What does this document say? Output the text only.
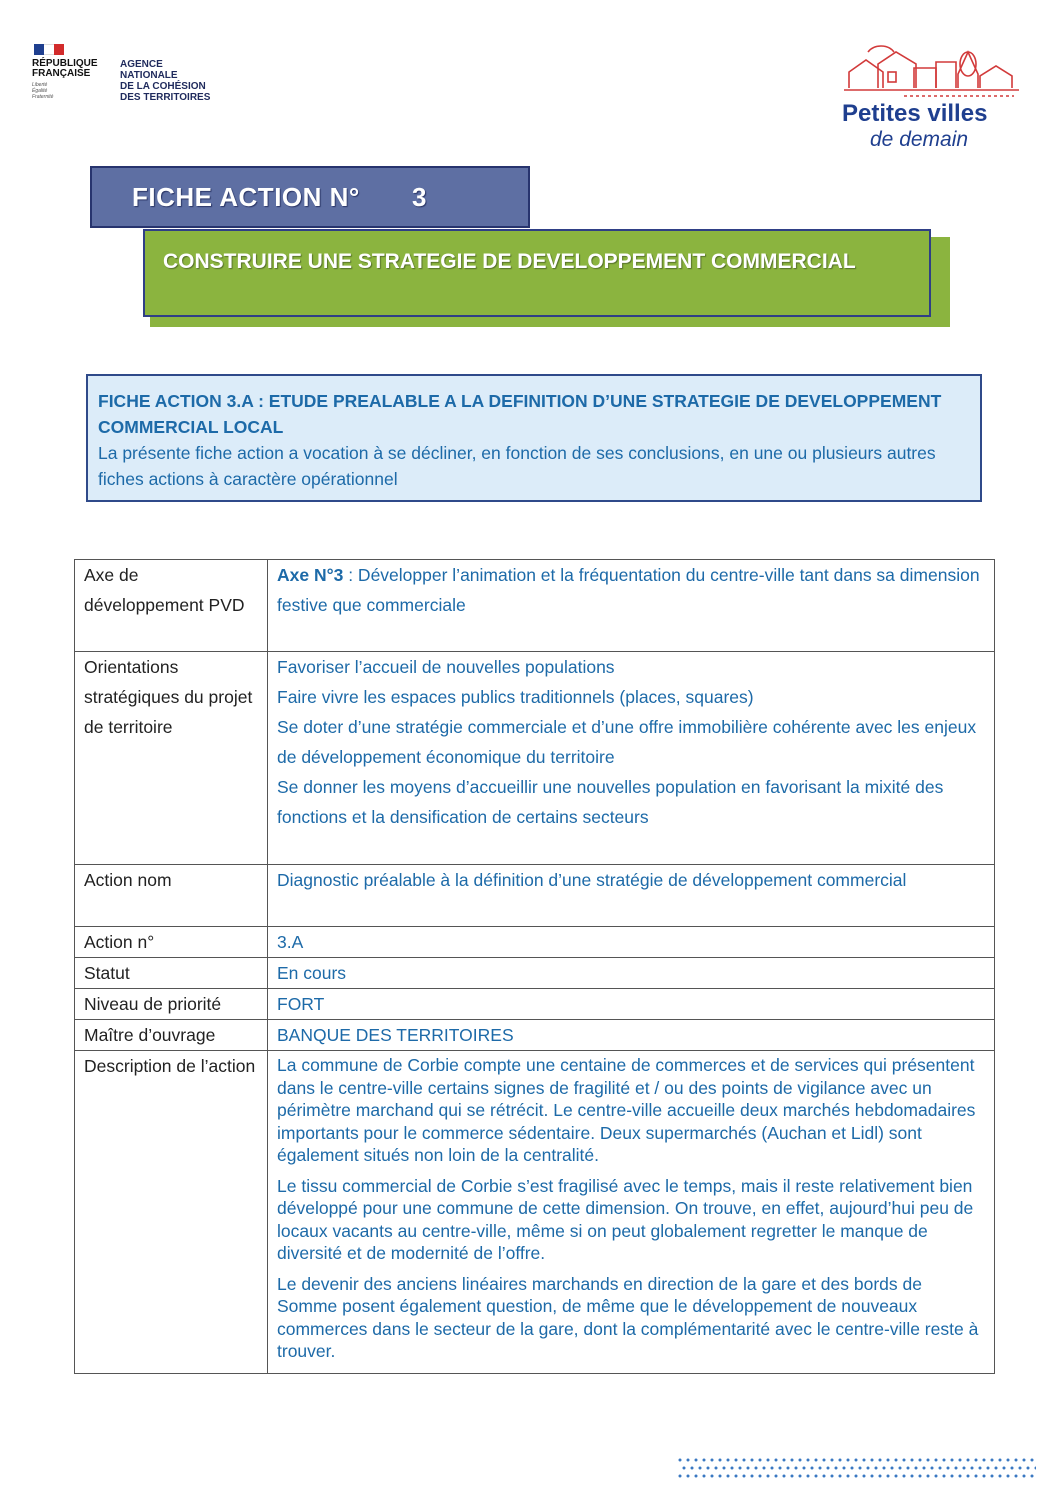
RÉPUBLIQUE
FRANÇAISE
Liberté
Égalité
Fraternité
AGENCE
NATIONALE
DE LA COHÉSION
DES TERRITOIRES
Petites villes
de demain
FICHE ACTION N° 3
CONSTRUIRE UNE STRATEGIE DE DEVELOPPEMENT COMMERCIAL
FICHE ACTION 3.A : ETUDE PREALABLE A LA DEFINITION D’UNE STRATEGIE DE DEVELOPPEMENT COMMERCIAL LOCAL
La présente fiche action a vocation à se décliner, en fonction de ses conclusions, en une ou plusieurs autres fiches actions à caractère opérationnel
Axe de développement PVD	Axe N°3 : Développer l’animation et la fréquentation du centre-ville tant dans sa dimension festive que commerciale
Orientations stratégiques du projet de territoire	Favoriser l’accueil de nouvelles populations
Faire vivre les espaces publics traditionnels (places, squares)
Se doter d’une stratégie commerciale et d’une offre immobilière cohérente avec les enjeux de développement économique du territoire
Se donner les moyens d’accueillir une nouvelles population en favorisant la mixité des fonctions et la densification de certains secteurs

Action nom	Diagnostic préalable à la définition d’une stratégie de développement commercial
Action n°	3.A
Statut	En cours
Niveau de priorité	FORT
Maître d’ouvrage	BANQUE DES TERRITOIRES
Description de l’action	La commune de Corbie compte une centaine de commerces et de services qui présentent dans le centre-ville certains signes de fragilité et / ou des points de vigilance avec un périmètre marchand qui se rétrécit. Le centre-ville accueille deux marchés hebdomadaires importants pour le commerce sédentaire. Deux supermarchés (Auchan et Lidl) sont également situés non loin de la centralité.

Le tissu commercial de Corbie s’est fragilisé avec le temps, mais il reste relativement bien développé pour une commune de cette dimension. On trouve, en effet, aujourd’hui peu de locaux vacants au centre-ville, même si on peut globalement regretter le manque de diversité et de modernité de l’offre.

Le devenir des anciens linéaires marchands en direction de la gare et des bords de Somme posent également question, de même que le développement de nouveaux commerces dans le secteur de la gare, dont la complémentarité avec le centre-ville reste à trouver.
